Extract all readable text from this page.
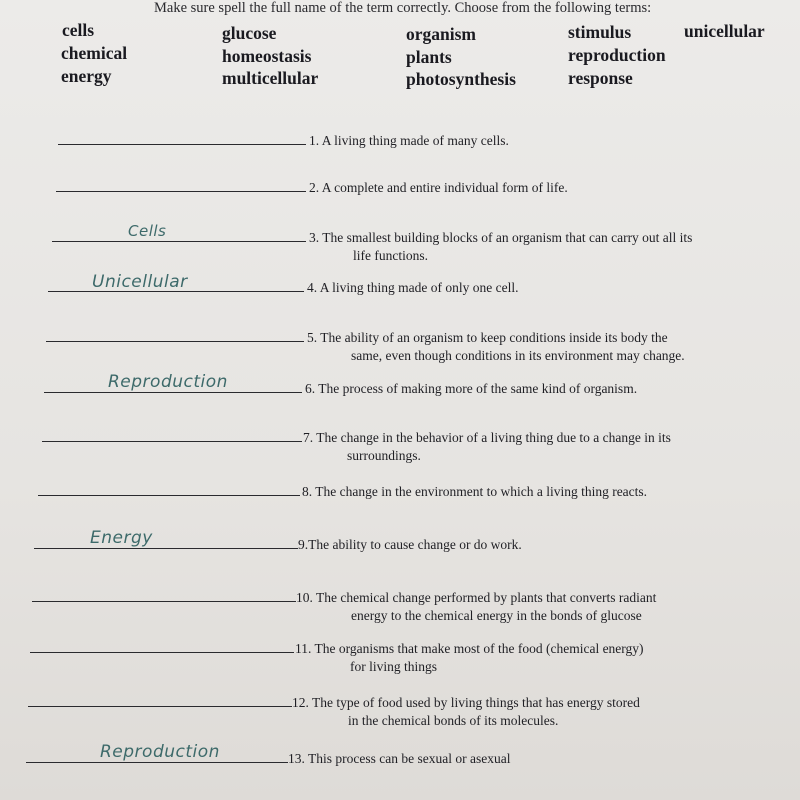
Make sure spell the full name of the term correctly. Choose from the following terms:
cells
chemical
energy
glucose
homeostasis
multicellular
organism
plants
photosynthesis
stimulus
reproduction
response
unicellular
1. A living thing made of many cells.
2. A complete and entire individual form of life.
Cells	3. The smallest building blocks of an organism that can carry out all its
life functions.
Unicellular	4. A living thing made of only one cell.
5. The ability of an organism to keep conditions inside its body the
same, even though conditions in its environment may change.
Reproduction	6. The process of making more of the same kind of organism.
7. The change in the behavior of a living thing due to a change in its
surroundings.
8. The change in the environment to which a living thing reacts.
Energy	9.The ability to cause change or do work.
10. The chemical change performed by plants that converts radiant
energy to the chemical energy in the bonds of glucose
11. The organisms that make most of the food (chemical energy)
for living things
12. The type of food used by living things that has energy stored
in the chemical bonds of its molecules.
Reproduction	13. This process can be sexual or asexual
